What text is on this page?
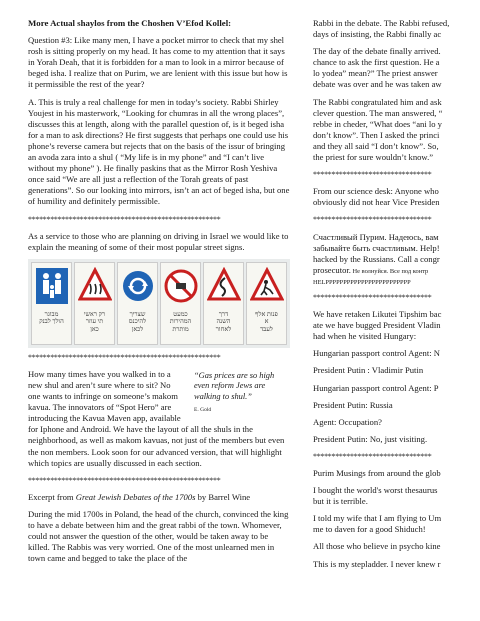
More Actual shaylos from the Choshen V’Efod Kollel:

Question #3: Like many men, I have a pocket mirror to check that my shel rosh is sitting properly on my head. It has come to my attention that it says in Yorah Deah, that it is forbidden for a man to look in a mirror because of beged isha. I realize that on Purim, we are lenient with this issue but how is it permissible the rest of the year?

A. This is truly a real challenge for men in today’s society. Rabbi Shirley Youjest in his masterwork, “Looking for chumras in all the wrong places”, discusses this at length, along with the parallel question of, is it beged isha for a man to ask directions? He first suggests that perhaps one could use his phone’s reverse camera but rejects that on the basis of the issur of bringing an avoda zara into a shul ( “My life is in my phone” and “I can’t live without my phone” ). He finally paskins that as the Mirror Rosh Yeshiva once said “We are all just a reflection of the Torah greats of past generations”. So our looking into mirrors, isn’t an act of beged isha, but one of humility and definitely permissible.

****************************************************

As a service to those who are planning on driving in Israel we would like to explain the meaning of some of their most popular street signs.

מבוגר
הולך לבנק
רק ראשי
תי עוזר
כאן
שצריך
להיכנס
לכאן
כמעט
המהירות
מותרת
דרך
השנה
לאחור
פנות אלף
א
לעבד
****************************************************
“Gas prices are so high even reform Jews are walking to shul.”
E. Gold

How many times have you walked in to a new shul and aren’t sure where to sit? No one wants to infringe on someone’s makom kavua. The innovators of “Spot Hero” are introducing the Kavua Maven app, available for Iphone and Android. We have the layout of all the shuls in the neighborhood, as well as makom kavuas, not just of the members but even the non members. Look soon for our advanced version, that will highlight which topics are usually discussed in each section.

****************************************************

Excerpt from Great Jewish Debates of the 1700s by Barrel Wine

During the mid 1700s in Poland, the head of the church, convinced the king to have a debate between him and the great rabbi of the town. Whomever, could not answer the question of the other, would be taken away to be killed. The Rabbis was very worried. One of the most unlearned men in town came and begged to take the place of the

Rabbi in the debate. The Rabbi refused,

days of insisting, the Rabbi finally ac

The day of the debate finally arrived.

chance to ask the first question. He a

lo yodea” mean?” The priest answer

debate was over and he was taken aw

The Rabbi congratulated him and ask

clever question. The man answered, “

rebbe in cheder, “What does “ani lo y

don’t know”. Then I asked the princi

and they all said “I don’t know”. So,

the priest for sure wouldn’t know.”

********************************

From our science desk: Anyone who

obviously did not hear Vice Presiden

********************************

Счастливый Пурим. Надеюсь, вам

забывайте быть счастливым. Help!

hacked by the Russians. Call a congr

prosecutor. Не волнуйся. Все под контр

HELPPPPPPPPPPPPPPPPPPPPPPPP

********************************

We have retaken Likutei Tipshim bac

ate we have bugged President Vladin

had when he visited Hungary:

Hungarian passport control Agent: N

President Putin : Vladimir Putin

Hungarian passport control Agent: P

President Putin: Russia

Agent: Occupation?

President Putin: No, just visiting.

********************************

Purim Musings from around the glob

I bought the world's worst thesaurus

but it is terrible.

I told my wife that I am flying to Um

me to daven for a good Shiduch!

All those who believe in psycho kine

This is my stepladder. I never knew r
